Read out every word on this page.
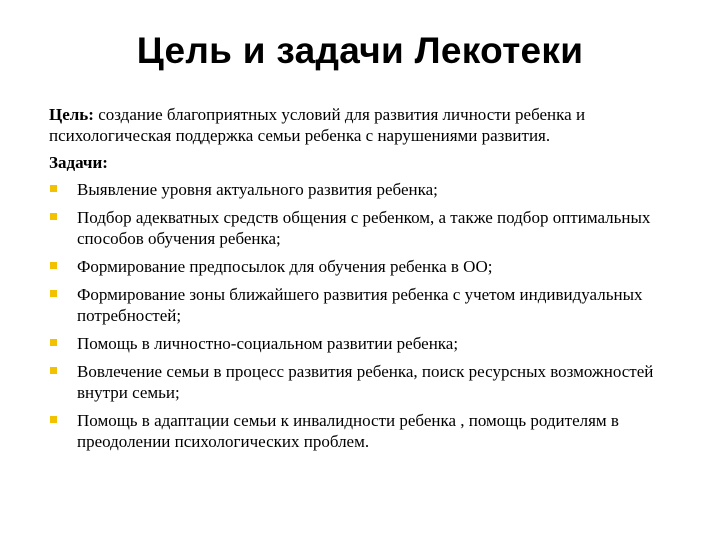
Цель и задачи Лекотеки

Цель: создание благоприятных условий для развития личности ребенка и психологическая поддержка семьи ребенка с нарушениями развития.

Задачи:

Выявление уровня актуального развития ребенка;
Подбор адекватных средств общения с ребенком, а также подбор оптимальных способов обучения ребенка;
Формирование предпосылок для обучения ребенка в ОО;
Формирование зоны ближайшего развития ребенка с учетом индивидуальных потребностей;
Помощь в личностно-социальном развитии ребенка;
Вовлечение семьи в процесс развития ребенка, поиск ресурсных возможностей внутри семьи;
Помощь в адаптации семьи к инвалидности ребенка , помощь родителям в преодолении психологических проблем.
